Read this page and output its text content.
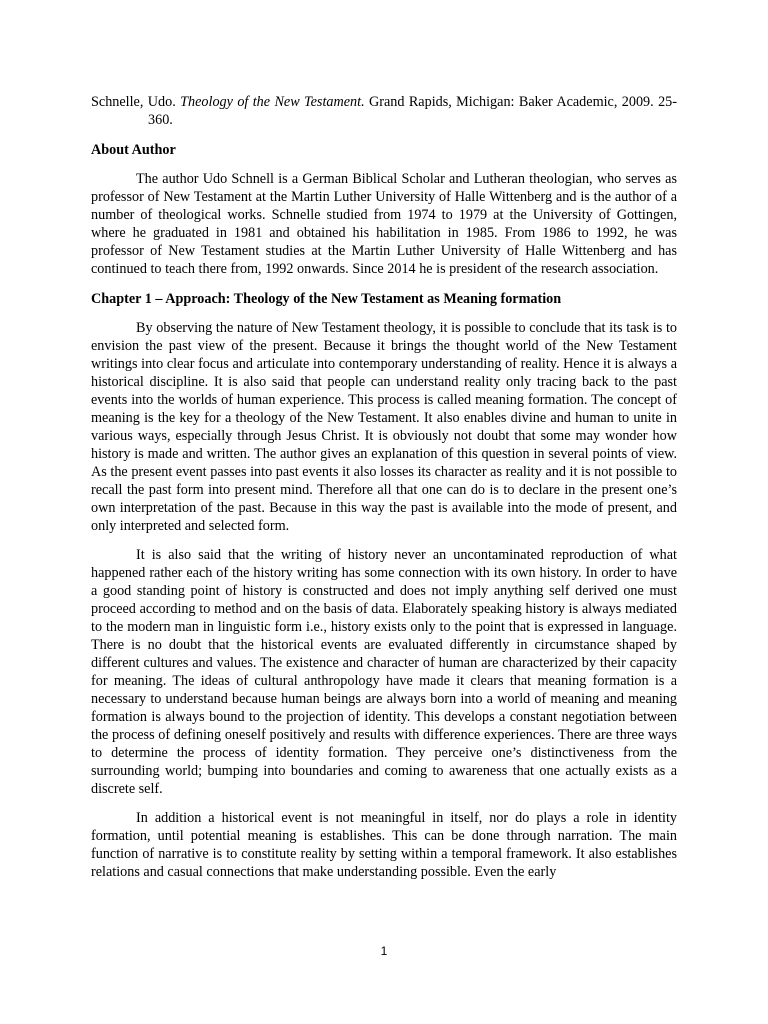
Schnelle, Udo. Theology of the New Testament. Grand Rapids, Michigan: Baker Academic, 2009. 25-360.

About Author

The author Udo Schnell is a German Biblical Scholar and Lutheran theologian, who serves as professor of New Testament at the Martin Luther University of Halle Wittenberg and is the author of a number of theological works. Schnelle studied from 1974 to 1979 at the University of Gottingen, where he graduated in 1981 and obtained his habilitation in 1985. From 1986 to 1992, he was professor of New Testament studies at the Martin Luther University of Halle Wittenberg and has continued to teach there from, 1992 onwards. Since 2014 he is president of the research association.

Chapter 1 – Approach: Theology of the New Testament as Meaning formation

By observing the nature of New Testament theology, it is possible to conclude that its task is to envision the past view of the present. Because it brings the thought world of the New Testament writings into clear focus and articulate into contemporary understanding of reality. Hence it is always a historical discipline. It is also said that people can understand reality only tracing back to the past events into the worlds of human experience. This process is called meaning formation. The concept of meaning is the key for a theology of the New Testament. It also enables divine and human to unite in various ways, especially through Jesus Christ. It is obviously not doubt that some may wonder how history is made and written. The author gives an explanation of this question in several points of view. As the present event passes into past events it also losses its character as reality and it is not possible to recall the past form into present mind. Therefore all that one can do is to declare in the present one’s own interpretation of the past. Because in this way the past is available into the mode of present, and only interpreted and selected form.

It is also said that the writing of history never an uncontaminated reproduction of what happened rather each of the history writing has some connection with its own history. In order to have a good standing point of history is constructed and does not imply anything self derived one must proceed according to method and on the basis of data. Elaborately speaking history is always mediated to the modern man in linguistic form i.e., history exists only to the point that is expressed in language. There is no doubt that the historical events are evaluated differently in circumstance shaped by different cultures and values. The existence and character of human are characterized by their capacity for meaning. The ideas of cultural anthropology have made it clears that meaning formation is a necessary to understand because human beings are always born into a world of meaning and meaning formation is always bound to the projection of identity. This develops a constant negotiation between the process of defining oneself positively and results with difference experiences. There are three ways to determine the process of identity formation. They perceive one’s distinctiveness from the surrounding world; bumping into boundaries and coming to awareness that one actually exists as a discrete self.

In addition a historical event is not meaningful in itself, nor do plays a role in identity formation, until potential meaning is establishes. This can be done through narration. The main function of narrative is to constitute reality by setting within a temporal framework. It also establishes relations and casual connections that make understanding possible. Even the early

1
